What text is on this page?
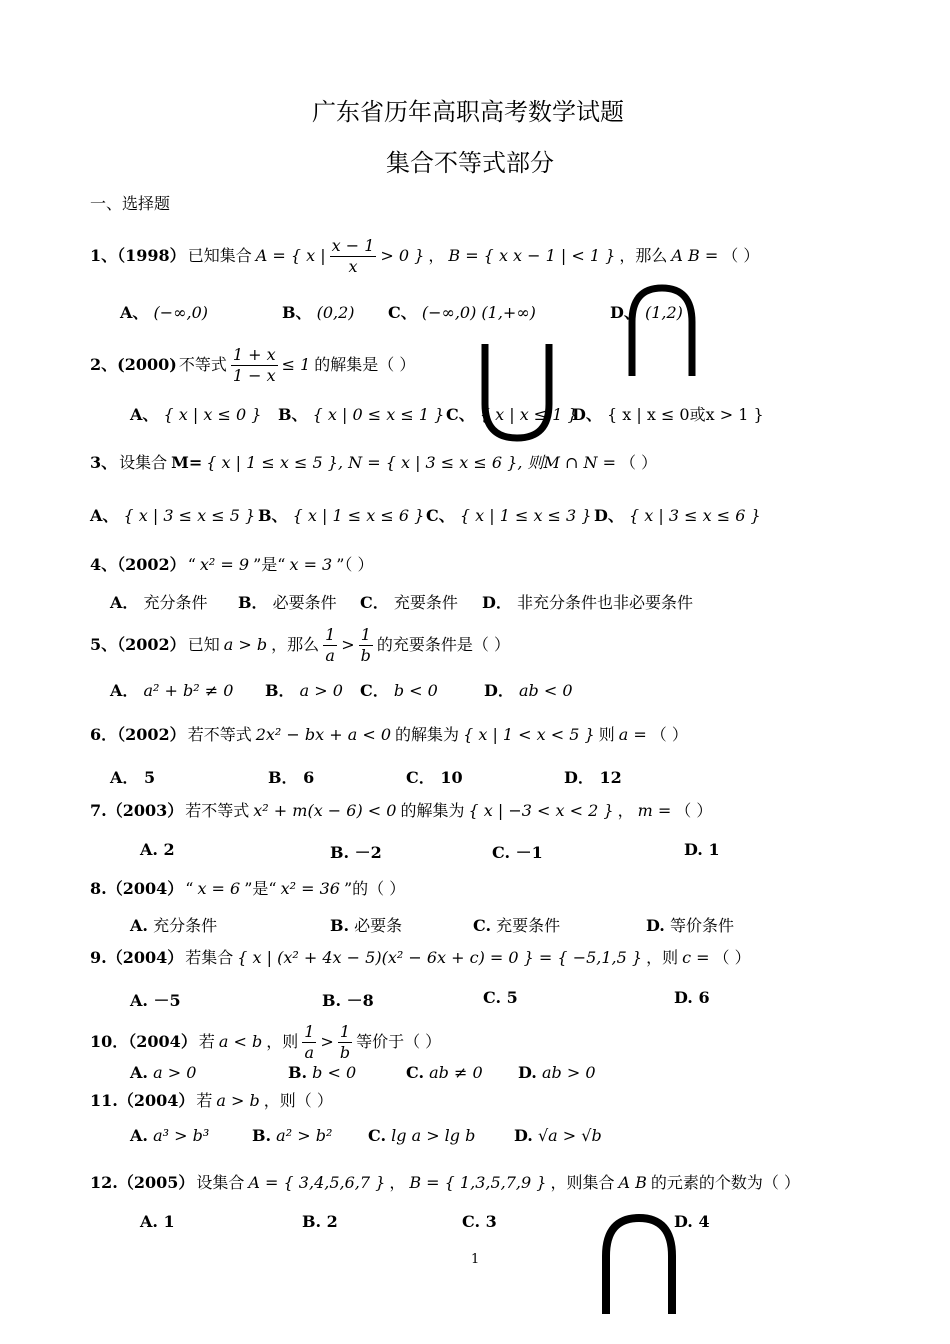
广东省历年高职高考数学试题
集合不等式部分
一、选择题
1、（1998） 已知集合 A = { x | $\frac{x - 1}{x} > 0$ } ， B = { x x − 1 | < 1 } ，那么 A B = （ ）
A、 (−∞,0)	B、 (0,2) C、 (−∞,0) (1,+∞)	D、 (1,2)
2、(2000) 不等式 $\frac{1 + x}{1 - x} \le 1$ 的解集是（ ）
A、 { x | x ≤ 0 } B、 { x | 0 ≤ x ≤ 1 } C、 { x | x ≤ 1 }
D、 { x | x ≤ 0或x > 1 }
3、 设集合 M= { x | 1 ≤ x ≤ 5 }, N = { x | 3 ≤ x ≤ 6 }, 则M ∩ N = （ ）
A、 { x | 3 ≤ x ≤ 5 } B、 { x | 1 ≤ x ≤ 6 } C、 { x | 1 ≤ x ≤ 3 } D、 { x | 3 ≤ x ≤ 6 }
4、（2002） “ x² = 9 ”是“ x = 3 ”（ ）
A． 充分条件 B． 必要条件 C． 充要条件 D． 非充分条件也非必要条件
5、（2002） 已知 a > b ，那么 $\frac{1}{a} > \frac{1}{b}$ 的充要条件是（ ）
A． a² + b² ≠ 0 B． a > 0 C． b < 0	D． ab < 0
6．（2002） 若不等式 2x² − bx + a < 0 的解集为 { x | 1 < x < 5 } 则 a = （ ）
A． 5	B． 6	C． 10	D． 12
7.（2003） 若不等式 x² + m(x − 6) < 0 的解集为 { x | −3 < x < 2 } ， m = （ ）
A. 2	B. －2	C. －1	D. 1
8.（2004） “ x = 6 ”是“ x² = 36 ”的（ ）
A. 充分条件	B. 必要条	C. 充要条件	D. 等价条件
9.（2004） 若集合 { x | (x² + 4x − 5)(x² − 6x + c) = 0 } = { −5,1,5 } ，则 c = （ ）
A. －5	B. －8	C. 5	D. 6
10．（2004） 若 a < b ，则 $\frac{1}{a} > \frac{1}{b}$ 等价于（ ）
A. a > 0	B. b < 0	C. ab ≠ 0 D. ab > 0
11.（2004） 若 a > b ，则（ ）
A. a³ > b³	B. a² > b² C. lg a > lg b D. √a > √b
12.（2005） 设集合 A = { 3,4,5,6,7 } ， B = { 1,3,5,7,9 } ，则集合 A B 的元素的个数为（ ）
A. 1	B. 2	C. 3	D. 4
1
